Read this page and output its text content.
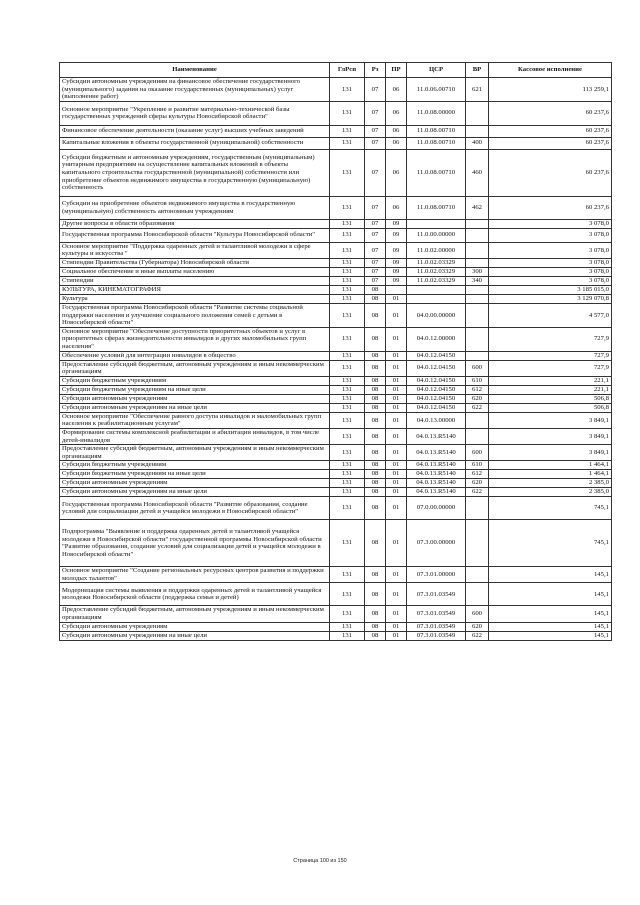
Наименование	ГлРсп	Рз	ПР	ЦСР	ВР	Кассовое исполнение
Субсидии автономным учреждениям на финансовое обеспечение государственного (муниципального) задания на оказание государственных (муниципальных) услуг (выполнение работ)	131	07	06	11.0.06.00710	621	113 259,1
Основное мероприятие "Укрепление и развитие материально-технической базы государственных учреждений сферы культуры Новосибирской области"	131	07	06	11.0.08.00000		60 237,6
Финансовое обеспечение деятельности (оказание услуг) высших учебных заведений	131	07	06	11.0.08.00710		60 237,6
Капитальные вложения в объекты государственной (муниципальной) собственности	131	07	06	11.0.08.00710	400	60 237,6
Субсидии бюджетным и автономным учреждениям, государственным (муниципальным) унитарным предприятиям на осуществление капитальных вложений в объекты капитального строительства государственной (муниципальной) собственности или приобретение объектов недвижимого имущества в государственную (муниципальную) собственность	131	07	06	11.0.08.00710	460	60 237,6
Субсидии на приобретение объектов недвижимого имущества в государственную (муниципальную) собственность автономным учреждениям	131	07	06	11.0.08.00710	462	60 237,6
Другие вопросы в области образования	131	07	09			3 078,0
Государственная программа Новосибирской области "Культура Новосибирской области"	131	07	09	11.0.00.00000		3 078,0
Основное мероприятие "Поддержка одаренных детей и талантливой молодежи в сфере культуры и искусства "	131	07	09	11.0.02.00000		3 078,0
Стипендии Правительства (Губернатора) Новосибирской области	131	07	09	11.0.02.03329		3 078,0
Социальное обеспечение и иные выплаты населению	131	07	09	11.0.02.03329	300	3 078,0
Стипендии	131	07	09	11.0.02.03329	340	3 078,0
КУЛЬТУРА, КИНЕМАТОГРАФИЯ	131	08				3 185 015,0
Культура	131	08	01			3 129 070,8
Государственная программа Новосибирской области "Развитие системы социальной поддержки населения и улучшение социального положения семей с детьми в Новосибирской области"	131	08	01	04.0.00.00000		4 577,0
Основное мероприятие "Обеспечение доступности приоритетных объектов и услуг в приоритетных сферах жизнедеятельности инвалидов и других маломобильных групп населения"	131	08	01	04.0.12.00000		727,9
Обеспечение условий для интеграции инвалидов в общество	131	08	01	04.0.12.04150		727,9
Предоставление субсидий бюджетным, автономным учреждениям и иным некоммерческим организациям	131	08	01	04.0.12.04150	600	727,9
Субсидии бюджетным учреждениям	131	08	01	04.0.12.04150	610	221,1
Субсидии бюджетным учреждениям на иные цели	131	08	01	04.0.12.04150	612	221,1
Субсидии автономным учреждениям	131	08	01	04.0.12.04150	620	506,8
Субсидии автономным учреждениям на иные цели	131	08	01	04.0.12.04150	622	506,8
Основное мероприятие "Обеспечение равного доступа инвалидов и маломобильных групп населения к реабилитационным услугам"	131	08	01	04.0.13.00000		3 849,1
Формирование системы комплексной реабилитации и абилитации инвалидов, в том числе детей-инвалидов	131	08	01	04.0.13.R5140		3 849,1
Предоставление субсидий бюджетным, автономным учреждениям и иным некоммерческим организациям	131	08	01	04.0.13.R5140	600	3 849,1
Субсидии бюджетным учреждениям	131	08	01	04.0.13.R5140	610	1 464,1
Субсидии бюджетным учреждениям на иные цели	131	08	01	04.0.13.R5140	612	1 464,1
Субсидии автономным учреждениям	131	08	01	04.0.13.R5140	620	2 385,0
Субсидии автономным учреждениям на иные цели	131	08	01	04.0.13.R5140	622	2 385,0
Государственная программа Новосибирской области "Развитие образования, создание условий для социализации детей и учащейся молодежи в Новосибирской области"	131	08	01	07.0.00.00000		745,1
Подпрограмма "Выявление и поддержка одаренных детей и талантливой учащейся молодежи в Новосибирской области" государственной программы Новосибирской области "Развитие образования, создание условий для социализации детей и учащейся молодежи в Новосибирской области"	131	08	01	07.3.00.00000		745,1
Основное мероприятие "Создание региональных ресурсных центров развития и поддержки молодых талантов"	131	08	01	07.3.01.00000		145,1
Модернизация системы выявления и поддержки одаренных детей и талантливой учащейся молодежи Новосибирской области (поддержка семьи и детей)	131	08	01	07.3.01.03549		145,1
Предоставление субсидий бюджетным, автономным учреждениям и иным некоммерческим организациям	131	08	01	07.3.01.03549	600	145,1
Субсидии автономным учреждениям	131	08	01	07.3.01.03549	620	145,1
Субсидии автономным учреждениям на иные цели	131	08	01	07.3.01.03549	622	145,1
Страница 100 из 150
